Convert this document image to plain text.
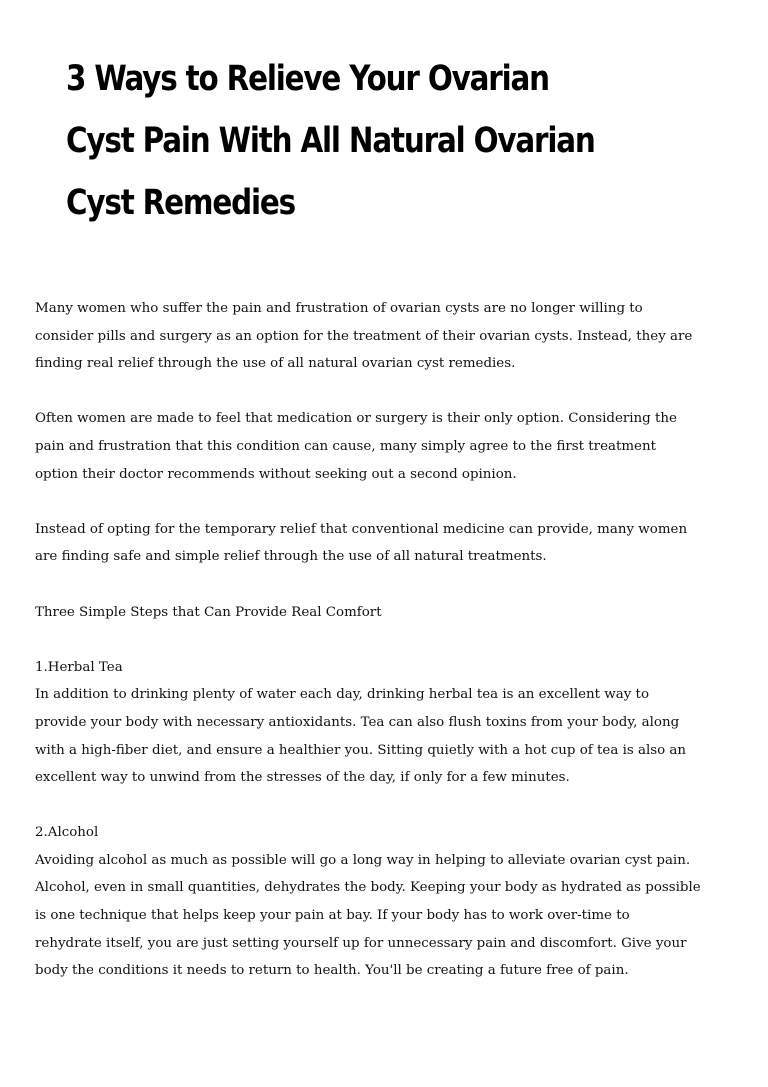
3 Ways to Relieve Your Ovarian
Cyst Pain With All Natural Ovarian
Cyst Remedies
Many women who suffer the pain and frustration of ovarian cysts are no longer willing to
consider pills and surgery as an option for the treatment of their ovarian cysts. Instead, they are
finding real relief through the use of all natural ovarian cyst remedies.
Often women are made to feel that medication or surgery is their only option. Considering the
pain and frustration that this condition can cause, many simply agree to the first treatment
option their doctor recommends without seeking out a second opinion.
Instead of opting for the temporary relief that conventional medicine can provide, many women
are finding safe and simple relief through the use of all natural treatments.
Three Simple Steps that Can Provide Real Comfort
1.Herbal Tea
In addition to drinking plenty of water each day, drinking herbal tea is an excellent way to
provide your body with necessary antioxidants. Tea can also flush toxins from your body, along
with a high-fiber diet, and ensure a healthier you. Sitting quietly with a hot cup of tea is also an
excellent way to unwind from the stresses of the day, if only for a few minutes.
2.Alcohol
Avoiding alcohol as much as possible will go a long way in helping to alleviate ovarian cyst pain.
Alcohol, even in small quantities, dehydrates the body. Keeping your body as hydrated as possible
is one technique that helps keep your pain at bay. If your body has to work over-time to
rehydrate itself, you are just setting yourself up for unnecessary pain and discomfort. Give your
body the conditions it needs to return to health. You'll be creating a future free of pain.
